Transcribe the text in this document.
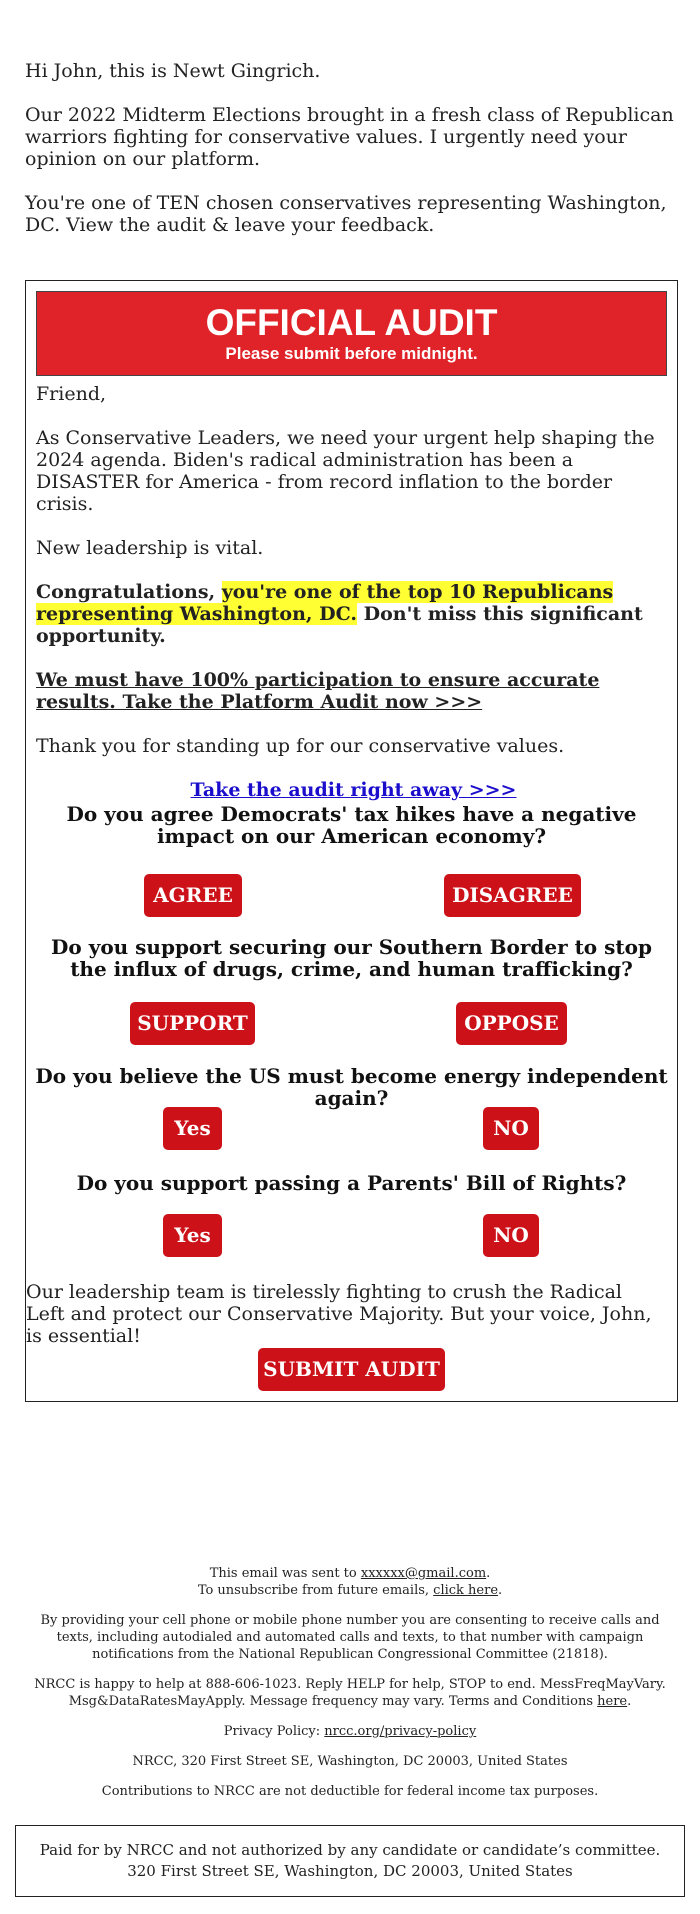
Hi John, this is Newt Gingrich.

Our 2022 Midterm Elections brought in a fresh class of Republican warriors fighting for conservative values. I urgently need your opinion on our platform.

You're one of TEN chosen conservatives representing Washington, DC. View the audit & leave your feedback.

OFFICIAL AUDIT
Please submit before midnight.

Friend,

As Conservative Leaders, we need your urgent help shaping the 2024 agenda. Biden's radical administration has been a DISASTER for America - from record inflation to the border crisis.

New leadership is vital.

Congratulations, you're one of the top 10 Republicans representing Washington, DC. Don't miss this significant opportunity.

We must have 100% participation to ensure accurate results. Take the Platform Audit now >>>

Thank you for standing up for our conservative values.

Take the audit right away >>>

Do you agree Democrats' tax hikes have a negative impact on our American economy?
AGREE	DISAGREE
Do you support securing our Southern Border to stop the influx of drugs, crime, and human trafficking?
SUPPORT	OPPOSE
Do you believe the US must become energy independent again?
Yes	NO
Do you support passing a Parents' Bill of Rights?
Yes	NO
Our leadership team is tirelessly fighting to crush the Radical Left and protect our Conservative Majority. But your voice, John, is essential!
SUBMIT AUDIT

This email was sent to xxxxxx@gmail.com.
To unsubscribe from future emails, click here.

By providing your cell phone or mobile phone number you are consenting to receive calls and texts, including autodialed and automated calls and texts, to that number with campaign notifications from the National Republican Congressional Committee (21818).

NRCC is happy to help at 888-606-1023. Reply HELP for help, STOP to end. MessFreqMayVary. Msg&DataRatesMayApply. Message frequency may vary. Terms and Conditions here.

Privacy Policy: nrcc.org/privacy-policy

NRCC, 320 First Street SE, Washington, DC 20003, United States

Contributions to NRCC are not deductible for federal income tax purposes.

Paid for by NRCC and not authorized by any candidate or candidate’s committee. 320 First Street SE, Washington, DC 20003, United States
